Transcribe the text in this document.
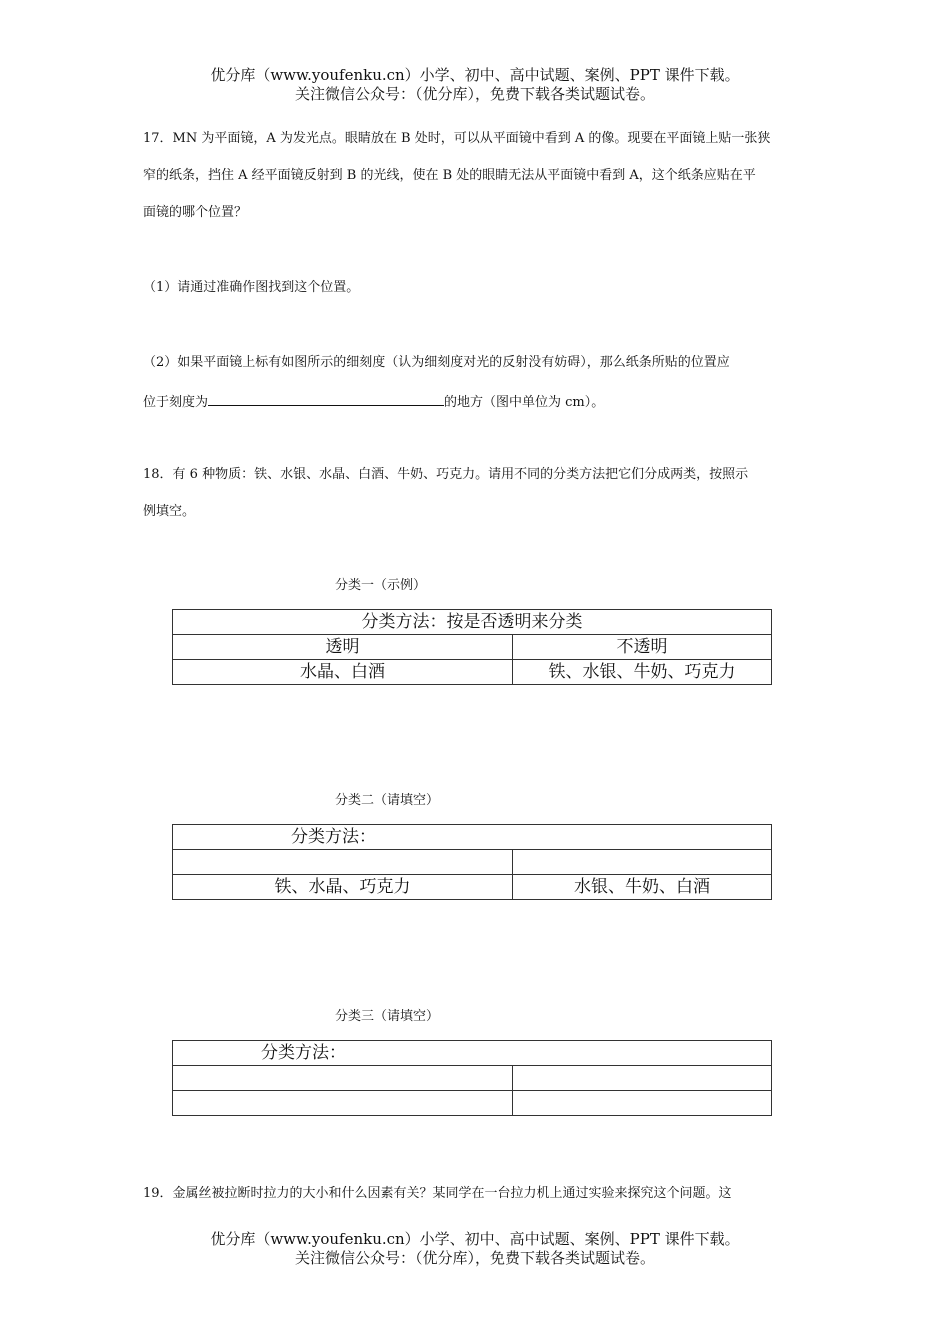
优分库（www.youfenku.cn）小学、初中、高中试题、案例、PPT 课件下载。
关注微信公众号：（优分库），免费下载各类试题试卷。
17．MN 为平面镜，A 为发光点。眼睛放在 B 处时，可以从平面镜中看到 A 的像。现要在平面镜上贴一张狭
窄的纸条，挡住 A 经平面镜反射到 B 的光线，使在 B 处的眼睛无法从平面镜中看到 A，这个纸条应贴在平
面镜的哪个位置？
（1）请通过准确作图找到这个位置。
（2）如果平面镜上标有如图所示的细刻度（认为细刻度对光的反射没有妨碍），那么纸条所贴的位置应
位于刻度为	的地方（图中单位为 cm）。
18．有 6 种物质：铁、水银、水晶、白酒、牛奶、巧克力。请用不同的分类方法把它们分成两类，按照示
例填空。
分类一（示例）
分类方法：按是否透明来分类	
透明	不透明
水晶、白酒	铁、水银、牛奶、巧克力
分类二（请填空）
分类方法：	

铁、水晶、巧克力	水银、牛奶、白酒
分类三（请填空）
分类方法：	

19．金属丝被拉断时拉力的大小和什么因素有关？某同学在一台拉力机上通过实验来探究这个问题。这
优分库（www.youfenku.cn）小学、初中、高中试题、案例、PPT 课件下载。
关注微信公众号：（优分库），免费下载各类试题试卷。
